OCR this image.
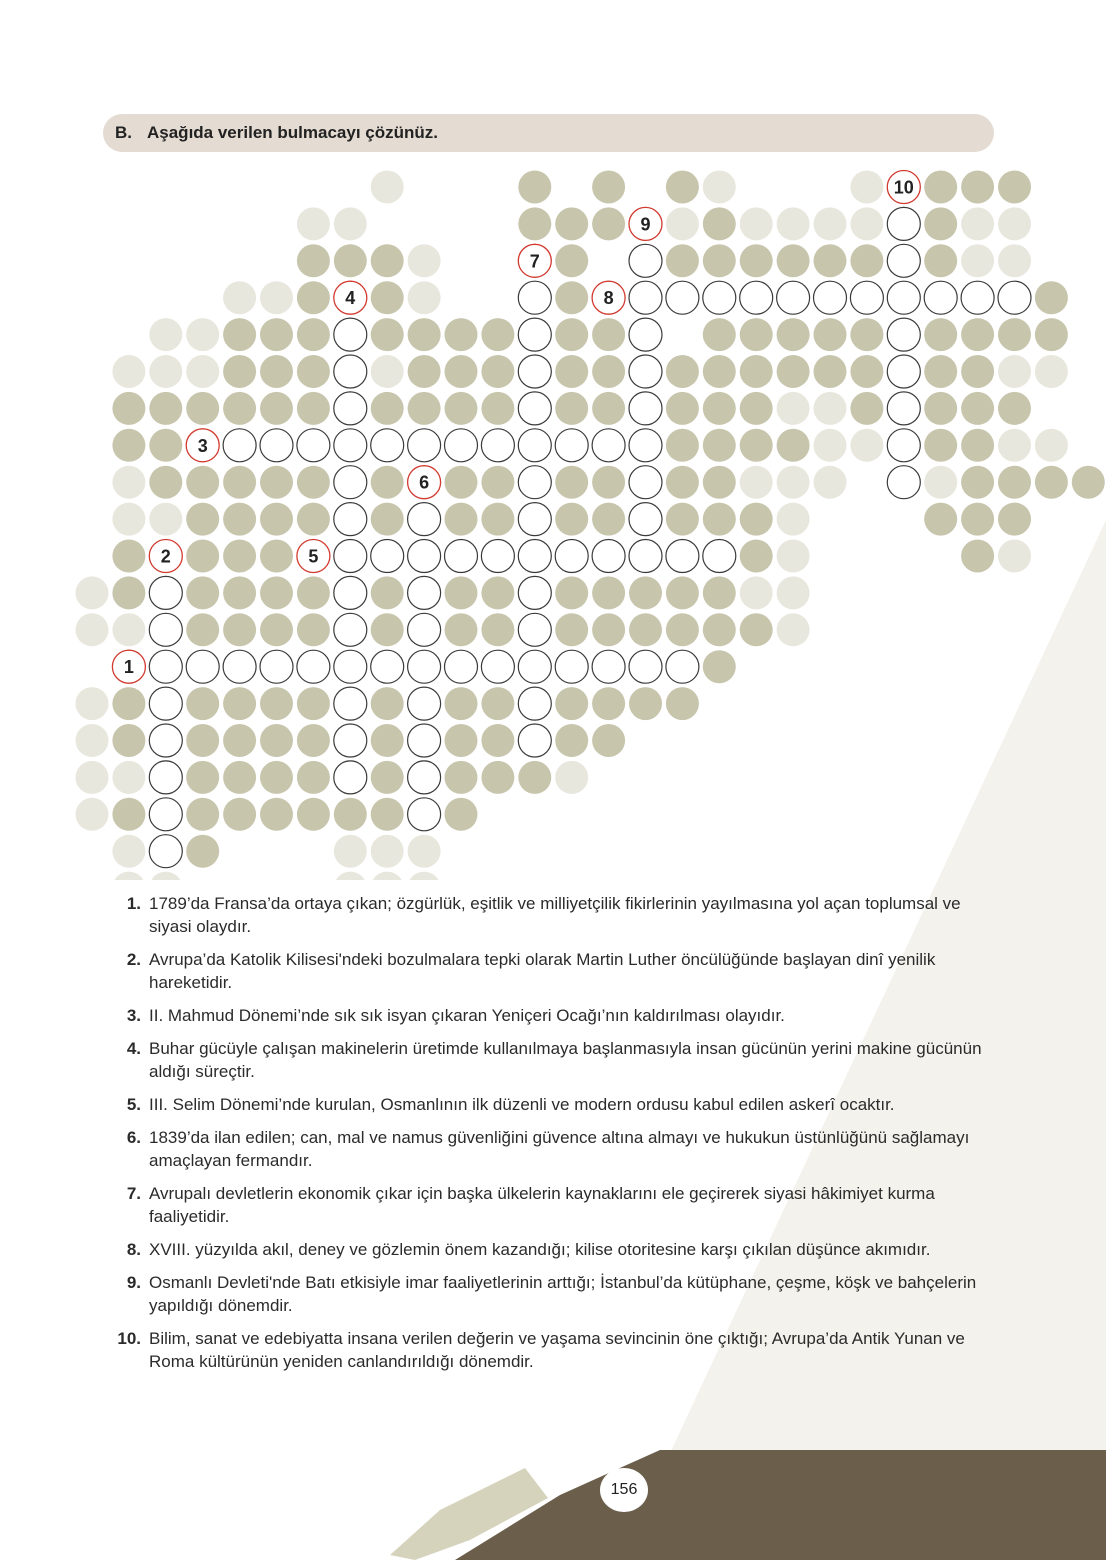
B. Aşağıda verilen bulmacayı çözünüz.
1
2
3
4
5
6
7
8
9
10
1. 1789’da Fransa’da ortaya çıkan; özgürlük, eşitlik ve milliyetçilik fikirlerinin yayılmasına yol açan toplumsal ve siyasi olaydır.
2. Avrupa’da Katolik Kilisesi'ndeki bozulmalara tepki olarak Martin Luther öncülüğünde başlayan dinî yenilik hareketidir.
3. II. Mahmud Dönemi’nde sık sık isyan çıkaran Yeniçeri Ocağı’nın kaldırılması olayıdır.
4. Buhar gücüyle çalışan makinelerin üretimde kullanılmaya başlanmasıyla insan gücünün yerini makine gücünün aldığı süreçtir.
5. III. Selim Dönemi’nde kurulan, Osmanlının ilk düzenli ve modern ordusu kabul edilen askerî ocaktır.
6. 1839’da ilan edilen; can, mal ve namus güvenliğini güvence altına almayı ve hukukun üstünlüğünü sağlamayı amaçlayan fermandır.
7. Avrupalı devletlerin ekonomik çıkar için başka ülkelerin kaynaklarını ele geçirerek siyasi hâkimiyet kurma faaliyetidir.
8. XVIII. yüzyılda akıl, deney ve gözlemin önem kazandığı; kilise otoritesine karşı çıkılan düşünce akımıdır.
9. Osmanlı Devleti'nde Batı etkisiyle imar faaliyetlerinin arttığı; İstanbul’da kütüphane, çeşme, köşk ve bahçelerin yapıldığı dönemdir.
10. Bilim, sanat ve edebiyatta insana verilen değerin ve yaşama sevincinin öne çıktığı; Avrupa’da Antik Yunan ve Roma kültürünün yeniden canlandırıldığı dönemdir.
156
